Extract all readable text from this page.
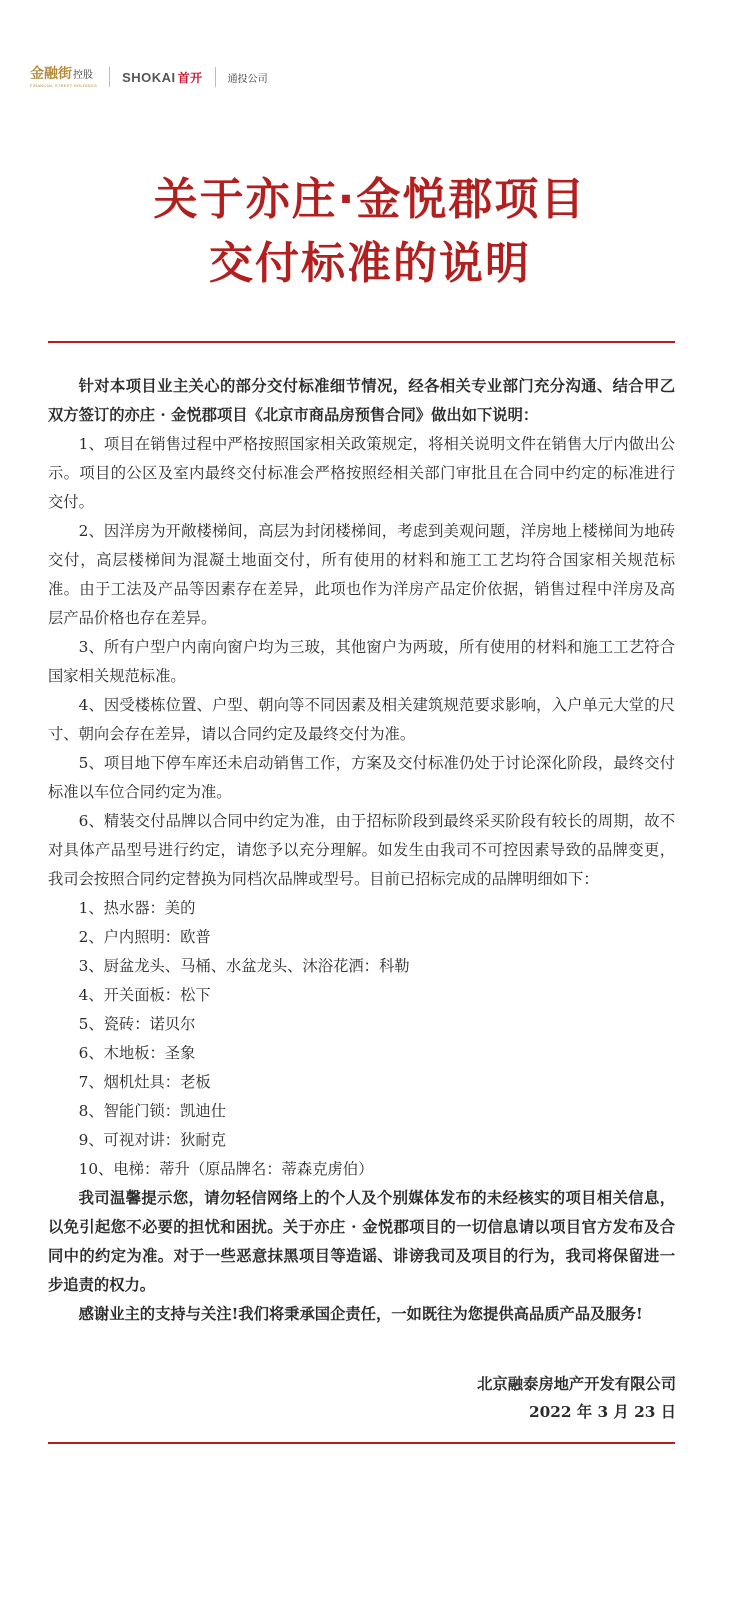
金融街控股
FINANCIAL STREET HOLDINGS
SHOKAI 首开	通投公司
关于亦庄·金悦郡项目
交付标准的说明

针对本项目业主关心的部分交付标准细节情况，经各相关专业部门充分沟通、结合甲乙双方签订的亦庄 · 金悦郡项目《北京市商品房预售合同》做出如下说明：

1、项目在销售过程中严格按照国家相关政策规定，将相关说明文件在销售大厅内做出公示。项目的公区及室内最终交付标准会严格按照经相关部门审批且在合同中约定的标准进行交付。

2、因洋房为开敞楼梯间，高层为封闭楼梯间，考虑到美观问题，洋房地上楼梯间为地砖交付，高层楼梯间为混凝土地面交付，所有使用的材料和施工工艺均符合国家相关规范标准。由于工法及产品等因素存在差异，此项也作为洋房产品定价依据，销售过程中洋房及高层产品价格也存在差异。

3、所有户型户内南向窗户均为三玻，其他窗户为两玻，所有使用的材料和施工工艺符合国家相关规范标准。

4、因受楼栋位置、户型、朝向等不同因素及相关建筑规范要求影响，入户单元大堂的尺寸、朝向会存在差异，请以合同约定及最终交付为准。

5、项目地下停车库还未启动销售工作，方案及交付标准仍处于讨论深化阶段，最终交付标准以车位合同约定为准。

6、精装交付品牌以合同中约定为准，由于招标阶段到最终采买阶段有较长的周期，故不对具体产品型号进行约定，请您予以充分理解。如发生由我司不可控因素导致的品牌变更，我司会按照合同约定替换为同档次品牌或型号。目前已招标完成的品牌明细如下：

1、热水器：美的

2、户内照明：欧普

3、厨盆龙头、马桶、水盆龙头、沐浴花洒：科勒

4、开关面板：松下

5、瓷砖：诺贝尔

6、木地板：圣象

7、烟机灶具：老板

8、智能门锁：凯迪仕

9、可视对讲：狄耐克

10、电梯：蒂升（原品牌名：蒂森克虏伯）

我司温馨提示您，请勿轻信网络上的个人及个别媒体发布的未经核实的项目相关信息，以免引起您不必要的担忧和困扰。关于亦庄 · 金悦郡项目的一切信息请以项目官方发布及合同中的约定为准。对于一些恶意抹黑项目等造谣、诽谤我司及项目的行为，我司将保留进一步追责的权力。

感谢业主的支持与关注!我们将秉承国企责任，一如既往为您提供高品质产品及服务!

北京融泰房地产开发有限公司
2022 年 3 月 23 日
